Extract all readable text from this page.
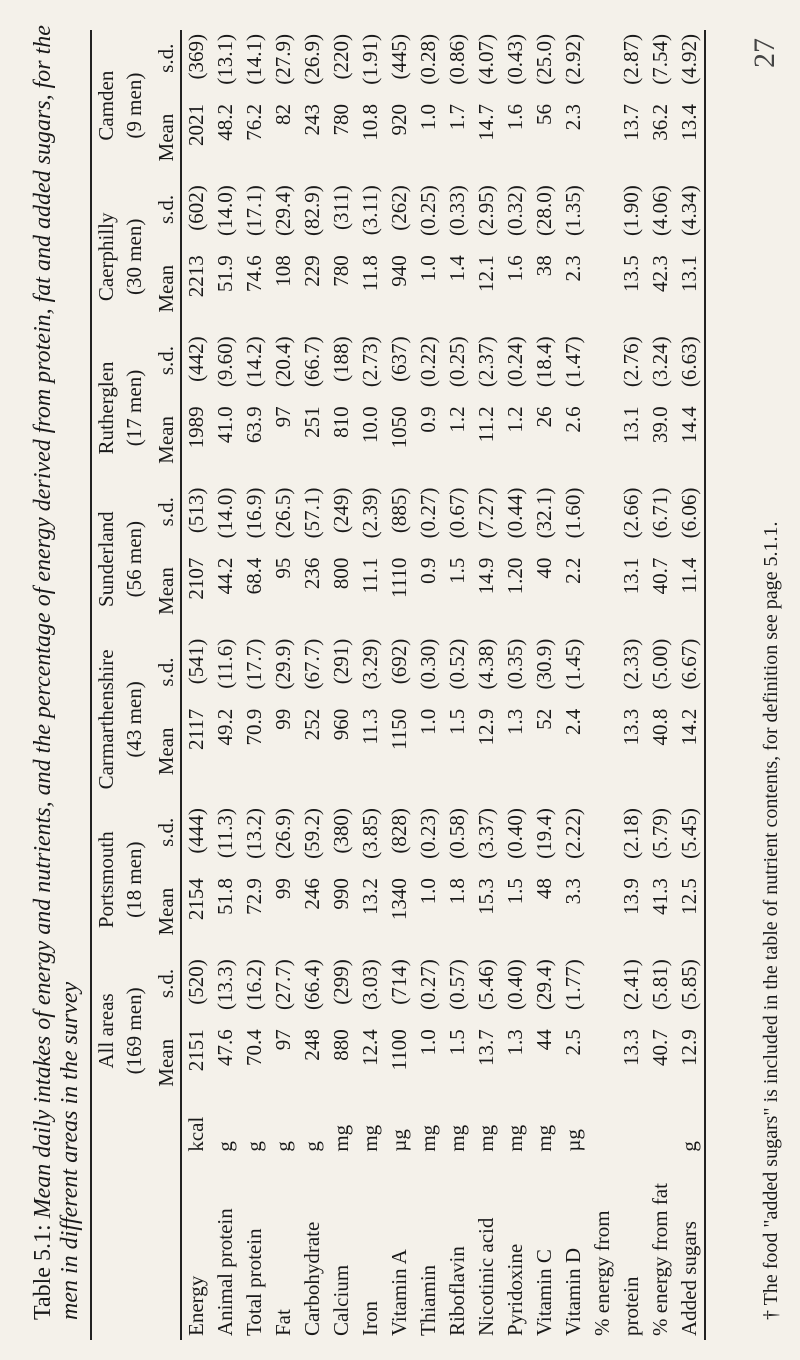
Table 5.1: Mean daily intakes of energy and nutrients, and the percentage of energy derived from protein, fat and added sugars, for the men in different areas in the survey
		All areas	Portsmouth	Carmarthenshire	Sunderland	Rutherglen	Caerphilly	Camden
		(169 men)	(18 men)	(43 men)	(56 men)	(17 men)	(30 men)	(9 men)
		Means.d.	Means.d.	Means.d.	Means.d.	Means.d.	Means.d.	Means.d.
Energy	kcal	2151(520)	2154(444)	2117(541)	2107(513)	1989(442)	2213(602)	2021(369)
Animal protein	g	47.6(13.3)	51.8(11.3)	49.2(11.6)	44.2(14.0)	41.0(9.60)	51.9(14.0)	48.2(13.1)
Total protein	g	70.4(16.2)	72.9(13.2)	70.9(17.7)	68.4(16.9)	63.9(14.2)	74.6(17.1)	76.2(14.1)
Fat	g	97(27.7)	99(26.9)	99(29.9)	95(26.5)	97(20.4)	108(29.4)	82(27.9)
Carbohydrate	g	248(66.4)	246(59.2)	252(67.7)	236(57.1)	251(66.7)	229(82.9)	243(26.9)
Calcium	mg	880(299)	990(380)	960(291)	800(249)	810(188)	780(311)	780(220)
Iron	mg	12.4(3.03)	13.2(3.85)	11.3(3.29)	11.1(2.39)	10.0(2.73)	11.8(3.11)	10.8(1.91)
Vitamin A	µg	1100(714)	1340(828)	1150(692)	1110(885)	1050(637)	940(262)	920(445)
Thiamin	mg	1.0(0.27)	1.0(0.23)	1.0(0.30)	0.9(0.27)	0.9(0.22)	1.0(0.25)	1.0(0.28)
Riboflavin	mg	1.5(0.57)	1.8(0.58)	1.5(0.52)	1.5(0.67)	1.2(0.25)	1.4(0.33)	1.7(0.86)
Nicotinic acid	mg	13.7(5.46)	15.3(3.37)	12.9(4.38)	14.9(7.27)	11.2(2.37)	12.1(2.95)	14.7(4.07)
Pyridoxine	mg	1.3(0.40)	1.5(0.40)	1.3(0.35)	1.20(0.44)	1.2(0.24)	1.6(0.32)	1.6(0.43)
Vitamin C	mg	44(29.4)	48(19.4)	52(30.9)	40(32.1)	26(18.4)	38(28.0)	56(25.0)
Vitamin D	µg	2.5(1.77)	3.3(2.22)	2.4(1.45)	2.2(1.60)	2.6(1.47)	2.3(1.35)	2.3(2.92)
% energy from								
protein		13.3(2.41)	13.9(2.18)	13.3(2.33)	13.1(2.66)	13.1(2.76)	13.5(1.90)	13.7(2.87)
% energy from fat		40.7(5.81)	41.3(5.79)	40.8(5.00)	40.7(6.71)	39.0(3.24)	42.3(4.06)	36.2(7.54)
Added sugars	g	12.9(5.85)	12.5(5.45)	14.2(6.67)	11.4(6.06)	14.4(6.63)	13.1(4.34)	13.4(4.92)
† The food "added sugars" is included in the table of nutrient contents, for definition see page 5.1.1.
27
